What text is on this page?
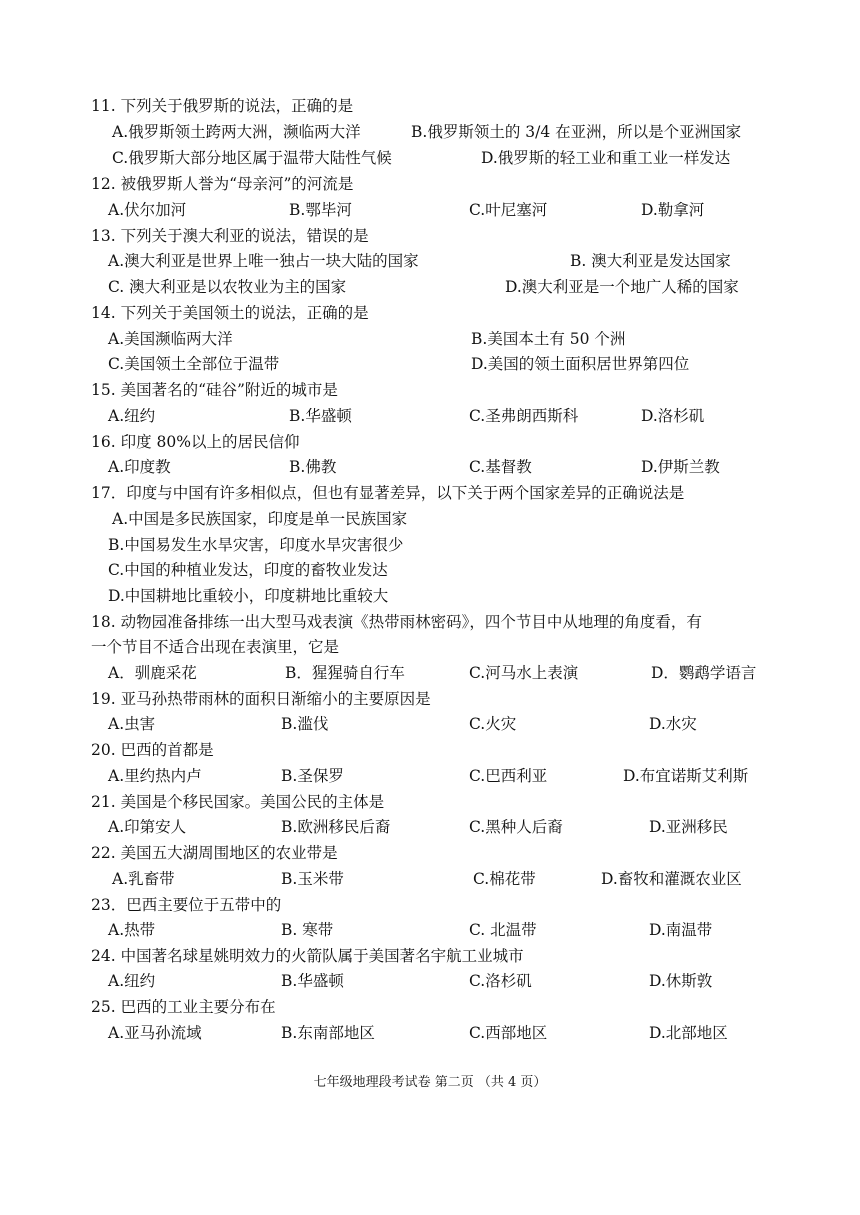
11. 下列关于俄罗斯的说法，正确的是
A.俄罗斯领土跨两大洲，濒临两大洋	B.俄罗斯领土的 3/4 在亚洲，所以是个亚洲国家
C.俄罗斯大部分地区属于温带大陆性气候	D.俄罗斯的轻工业和重工业一样发达
12. 被俄罗斯人誉为“母亲河”的河流是
A.伏尔加河	B.鄂毕河	C.叶尼塞河	D.勒拿河
13. 下列关于澳大利亚的说法，错误的是
A.澳大利亚是世界上唯一独占一块大陆的国家	B. 澳大利亚是发达国家
C. 澳大利亚是以农牧业为主的国家	D.澳大利亚是一个地广人稀的国家
14. 下列关于美国领土的说法，正确的是
A.美国濒临两大洋	B.美国本土有 50 个洲
C.美国领土全部位于温带	D.美国的领土面积居世界第四位
15. 美国著名的“硅谷”附近的城市是
A.纽约	B.华盛顿	C.圣弗朗西斯科	D.洛杉矶
16. 印度 80%以上的居民信仰
A.印度教	B.佛教	C.基督教	D.伊斯兰教
17．印度与中国有许多相似点，但也有显著差异，以下关于两个国家差异的正确说法是
A.中国是多民族国家，印度是单一民族国家
B.中国易发生水旱灾害，印度水旱灾害很少
C.中国的种植业发达，印度的畜牧业发达
D.中国耕地比重较小，印度耕地比重较大
18. 动物园准备排练一出大型马戏表演《热带雨林密码》，四个节目中从地理的角度看，有
一个节目不适合出现在表演里，它是
A．驯鹿采花	B．猩猩骑自行车	C.河马水上表演	D．鹦鹉学语言
19. 亚马孙热带雨林的面积日渐缩小的主要原因是
A.虫害	B.滥伐	C.火灾	D.水灾
20. 巴西的首都是
A.里约热内卢	B.圣保罗	C.巴西利亚	D.布宜诺斯艾利斯
21. 美国是个移民国家。美国公民的主体是
A.印第安人	B.欧洲移民后裔	C.黑种人后裔	D.亚洲移民
22. 美国五大湖周围地区的农业带是
A.乳畜带	B.玉米带	C.棉花带	D.畜牧和灌溉农业区
23．巴西主要位于五带中的
A.热带	B. 寒带	C. 北温带	D.南温带
24. 中国著名球星姚明效力的火箭队属于美国著名宇航工业城市
A.纽约	B.华盛顿	C.洛杉矶	D.休斯敦
25. 巴西的工业主要分布在
A.亚马孙流域	B.东南部地区	C.西部地区	D.北部地区
七年级地理段考试卷 第二页 （共 4 页）
